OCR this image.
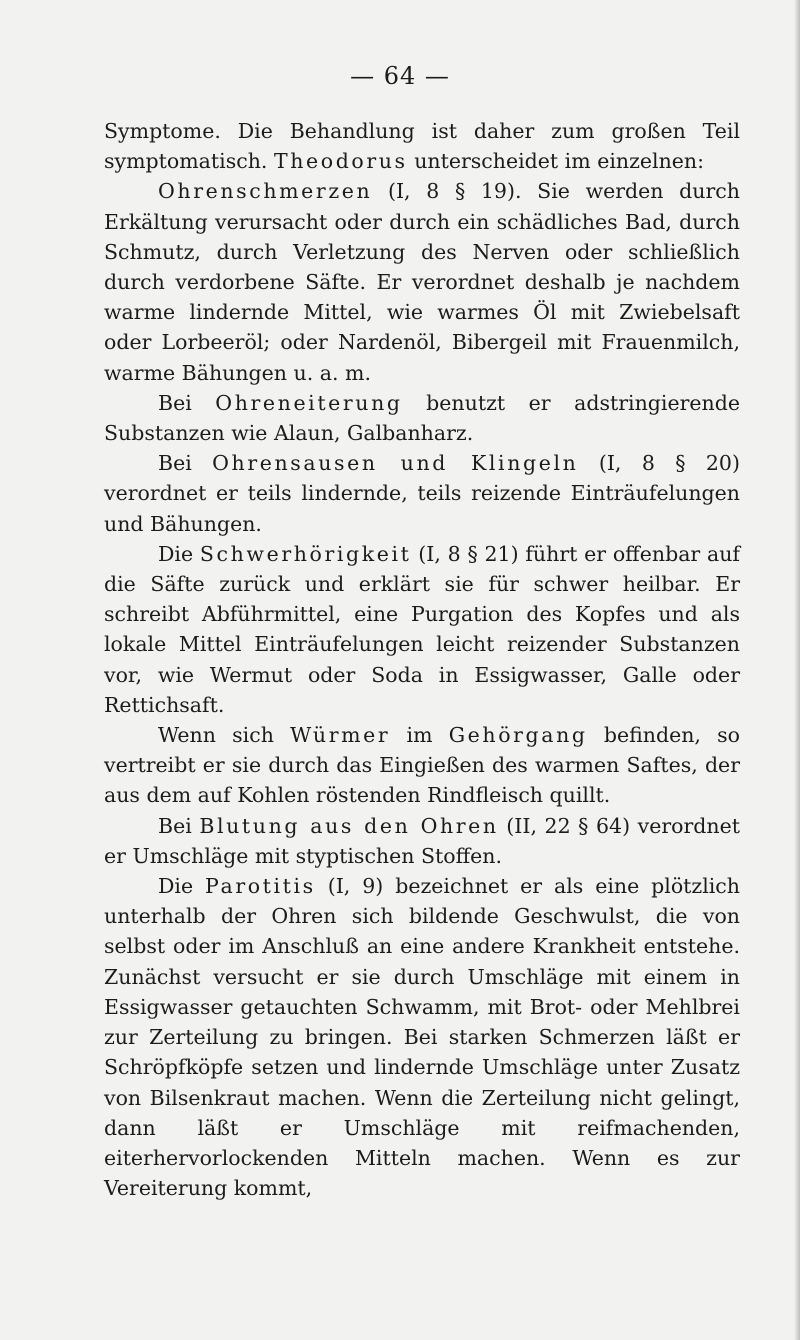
— 64 —

Symptome. Die Behandlung ist daher zum großen Teil symptomatisch. Theodorus unterscheidet im einzelnen:

Ohrenschmerzen (I, 8 § 19). Sie werden durch Erkältung verursacht oder durch ein schädliches Bad, durch Schmutz, durch Verletzung des Nerven oder schließlich durch verdorbene Säfte. Er verordnet deshalb je nachdem warme lindernde Mittel, wie warmes Öl mit Zwiebelsaft oder Lorbeeröl; oder Nardenöl, Bibergeil mit Frauenmilch, warme Bähungen u. a. m.

Bei Ohreneiterung benutzt er adstringierende Substanzen wie Alaun, Galbanharz.

Bei Ohrensausen und Klingeln (I, 8 § 20) verordnet er teils lindernde, teils reizende Einträufelungen und Bähungen.

Die Schwerhörigkeit (I, 8 § 21) führt er offenbar auf die Säfte zurück und erklärt sie für schwer heilbar. Er schreibt Abführmittel, eine Purgation des Kopfes und als lokale Mittel Einträufelungen leicht reizender Substanzen vor, wie Wermut oder Soda in Essigwasser, Galle oder Rettichsaft.

Wenn sich Würmer im Gehörgang befinden, so vertreibt er sie durch das Eingießen des warmen Saftes, der aus dem auf Kohlen röstenden Rindfleisch quillt.

Bei Blutung aus den Ohren (II, 22 § 64) verordnet er Umschläge mit styptischen Stoffen.

Die Parotitis (I, 9) bezeichnet er als eine plötzlich unterhalb der Ohren sich bildende Geschwulst, die von selbst oder im Anschluß an eine andere Krankheit entstehe. Zunächst versucht er sie durch Umschläge mit einem in Essigwasser getauchten Schwamm, mit Brot- oder Mehlbrei zur Zerteilung zu bringen. Bei starken Schmerzen läßt er Schröpfköpfe setzen und lindernde Umschläge unter Zusatz von Bilsenkraut machen. Wenn die Zerteilung nicht gelingt, dann läßt er Umschläge mit reifmachenden, eiterhervorlockenden Mitteln machen. Wenn es zur Vereiterung kommt,
